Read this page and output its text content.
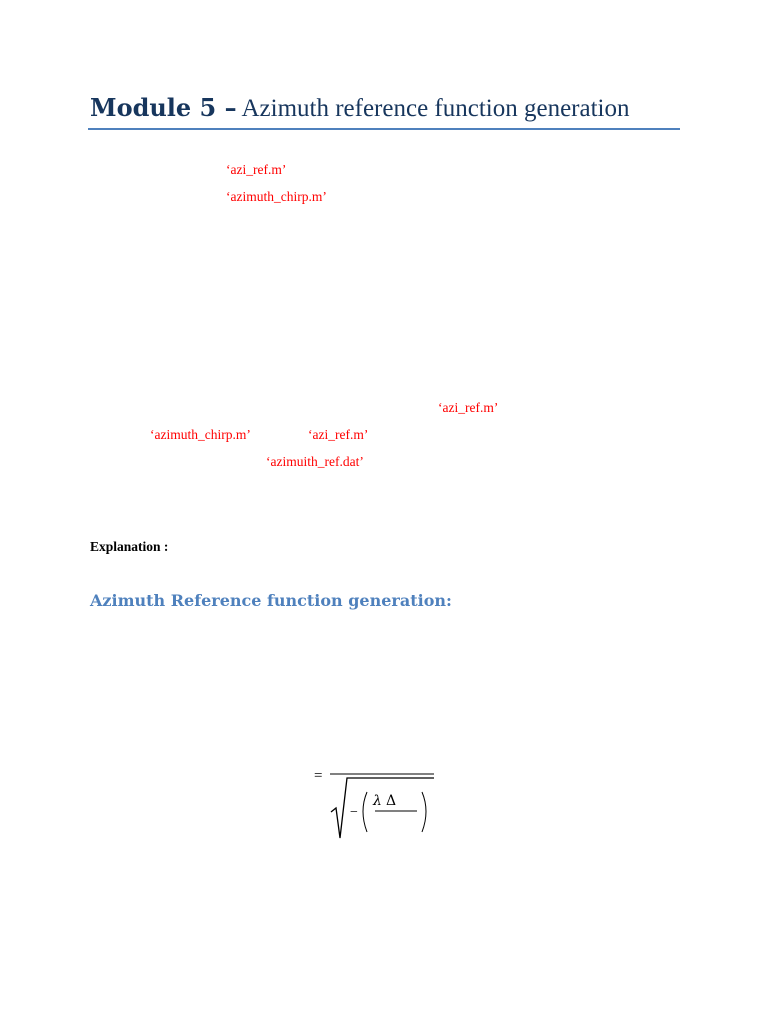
Module 5 – Azimuth reference function generation
‘azi_ref.m’
‘azimuth_chirp.m’
‘azi_ref.m’
‘azimuth_chirp.m’	‘azi_ref.m’
‘azimuith_ref.dat’
Explanation :
Azimuth Reference function generation:
=
−
λ Δ
